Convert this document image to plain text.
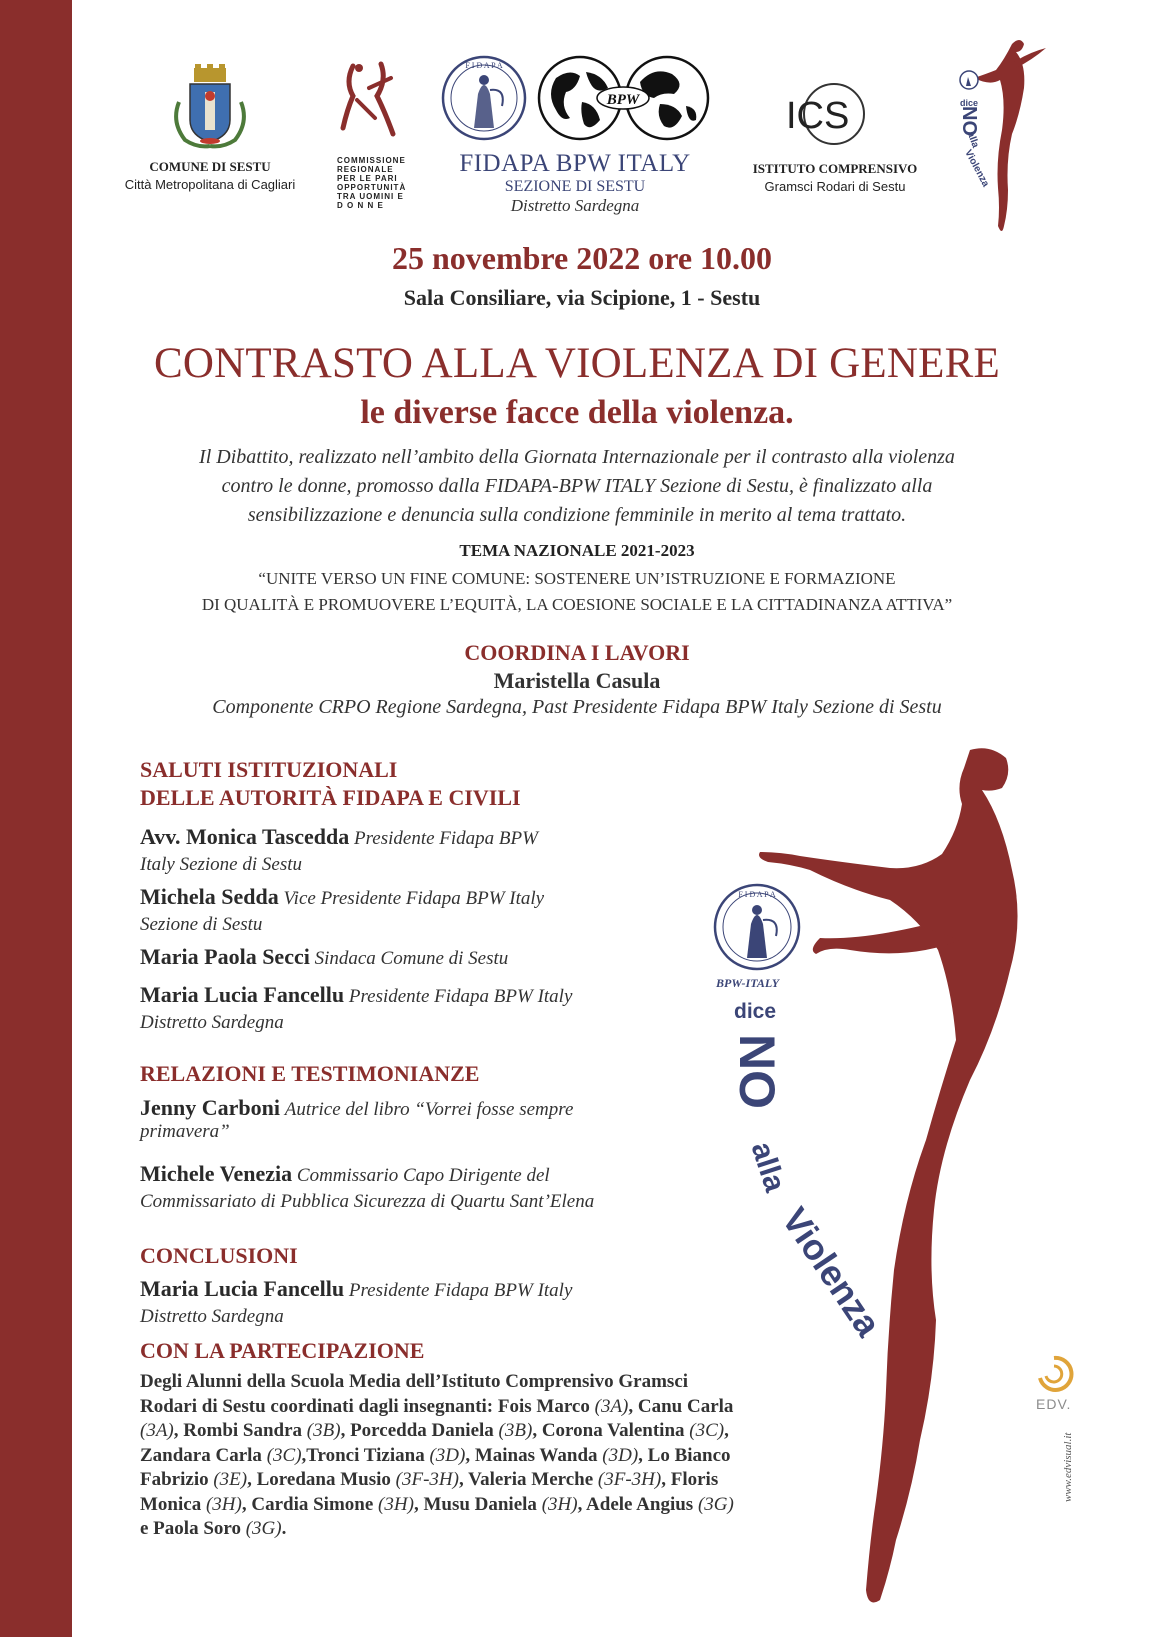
COMUNE DI SESTU
Città Metropolitana di Cagliari
COMMISSIONE
REGIONALE
PER LE PARI
OPPORTUNITÀ
TRA UOMINI E
D O N N E
F I D A P A
BPW
FIDAPA BPW ITALY
SEZIONE DI SESTU
Distretto Sardegna
ICS
ISTITUTO COMPRENSIVO
Gramsci Rodari di Sestu
dice
NO
alla
Violenza
25 novembre 2022 ore 10.00
Sala Consiliare, via Scipione, 1 - Sestu
CONTRASTO ALLA VIOLENZA DI GENERE
le diverse facce della violenza.
Il Dibattito, realizzato nell’ambito della Giornata Internazionale per il contrasto alla violenza
contro le donne, promosso dalla FIDAPA-BPW ITALY Sezione di Sestu, è finalizzato alla
sensibilizzazione e denuncia sulla condizione femminile in merito al tema trattato.
TEMA NAZIONALE 2021-2023
“UNITE VERSO UN FINE COMUNE: SOSTENERE UN’ISTRUZIONE E FORMAZIONE
DI QUALITÀ E PROMUOVERE L’EQUITÀ, LA COESIONE SOCIALE E LA CITTADINANZA ATTIVA”
COORDINA I LAVORI
Maristella Casula
Componente CRPO Regione Sardegna, Past Presidente Fidapa BPW Italy Sezione di Sestu
F I D A P A
BPW-ITALY
dice
NO
alla
Violenza
SALUTI ISTITUZIONALI
DELLE AUTORITÀ FIDAPA E CIVILI
Avv. Monica Tascedda Presidente Fidapa BPW
Italy Sezione di Sestu
Michela Sedda Vice Presidente Fidapa BPW Italy
Sezione di Sestu
Maria Paola Secci Sindaca Comune di Sestu
Maria Lucia Fancellu Presidente Fidapa BPW Italy
Distretto Sardegna
RELAZIONI E TESTIMONIANZE
Jenny Carboni Autrice del libro “Vorrei fosse sempre
primavera”
Michele Venezia Commissario Capo Dirigente del
Commissariato di Pubblica Sicurezza di Quartu Sant’Elena
CONCLUSIONI
Maria Lucia Fancellu Presidente Fidapa BPW Italy
Distretto Sardegna
CON LA PARTECIPAZIONE
Degli Alunni della Scuola Media dell’Istituto Comprensivo Gramsci
Rodari di Sestu coordinati dagli insegnanti: Fois Marco (3A), Canu Carla
(3A), Rombi Sandra (3B), Porcedda Daniela (3B), Corona Valentina (3C),
Zandara Carla (3C),Tronci Tiziana (3D), Mainas Wanda (3D), Lo Bianco
Fabrizio (3E), Loredana Musio (3F-3H), Valeria Merche (3F-3H), Floris
Monica (3H), Cardia Simone (3H), Musu Daniela (3H), Adele Angius (3G)
e Paola Soro (3G).
EDV.
www.edvisual.it
